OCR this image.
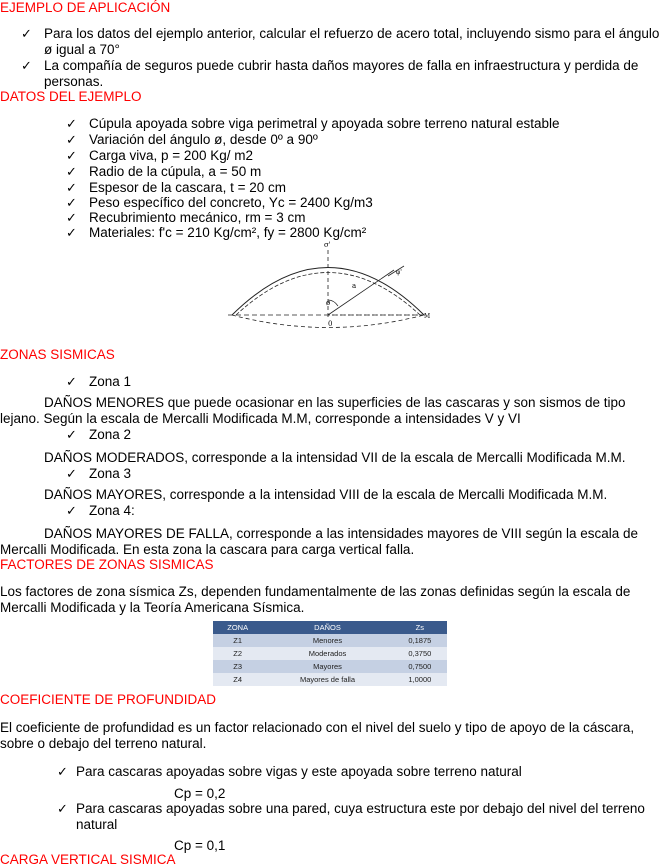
EJEMPLO DE APLICACIÓN
✓ Para los datos del ejemplo anterior, calcular el refuerzo de acero total, incluyendo sismo para el ángulo
ø igual a 70°
✓ La compañía de seguros puede cubrir hasta daños mayores de falla en infraestructura y perdida de
personas.
DATOS DEL EJEMPLO
✓ Cúpula apoyada sobre viga perimetral y apoyada sobre terreno natural estable
✓ Variación del ángulo ø, desde 0º a 90º
✓ Carga viva, p = 200 Kg/ m2
✓ Radio de la cúpula, a = 50 m
✓ Espesor de la cascara, t = 20 cm
✓ Peso específico del concreto, Yc = 2400 Kg/m3
✓ Recubrimiento mecánico, rm = 3 cm
✓ Materiales: f'c = 210 Kg/cm², fy = 2800 Kg/cm²
σ'
a
ø
0
φ'
M
ZONAS SISMICAS
✓ Zona 1
DAÑOS MENORES que puede ocasionar en las superficies de las cascaras y son sismos de tipo
lejano. Según la escala de Mercalli Modificada M.M, corresponde a intensidades V y VI
✓ Zona 2
DAÑOS MODERADOS, corresponde a la intensidad VII de la escala de Mercalli Modificada M.M.
✓ Zona 3
DAÑOS MAYORES, corresponde a la intensidad VIII de la escala de Mercalli Modificada M.M.
✓ Zona 4:
DAÑOS MAYORES DE FALLA, corresponde a las intensidades mayores de VIII según la escala de
Mercalli Modificada. En esta zona la cascara para carga vertical falla.
FACTORES DE ZONAS SISMICAS
Los factores de zona sísmica Zs, dependen fundamentalmente de las zonas definidas según la escala de
Mercalli Modificada y la Teoría Americana Sísmica.
ZONA	DAÑOS	Zs
Z1	Menores	0,1875
Z2	Moderados	0,3750
Z3	Mayores	0,7500
Z4	Mayores de falla	1,0000
COEFICIENTE DE PROFUNDIDAD
El coeficiente de profundidad es un factor relacionado con el nivel del suelo y tipo de apoyo de la cáscara,
sobre o debajo del terreno natural.
✓ Para cascaras apoyadas sobre vigas y este apoyada sobre terreno natural
Cp = 0,2
✓ Para cascaras apoyadas sobre una pared, cuya estructura este por debajo del nivel del terreno
natural
Cp = 0,1
CARGA VERTICAL SISMICA
